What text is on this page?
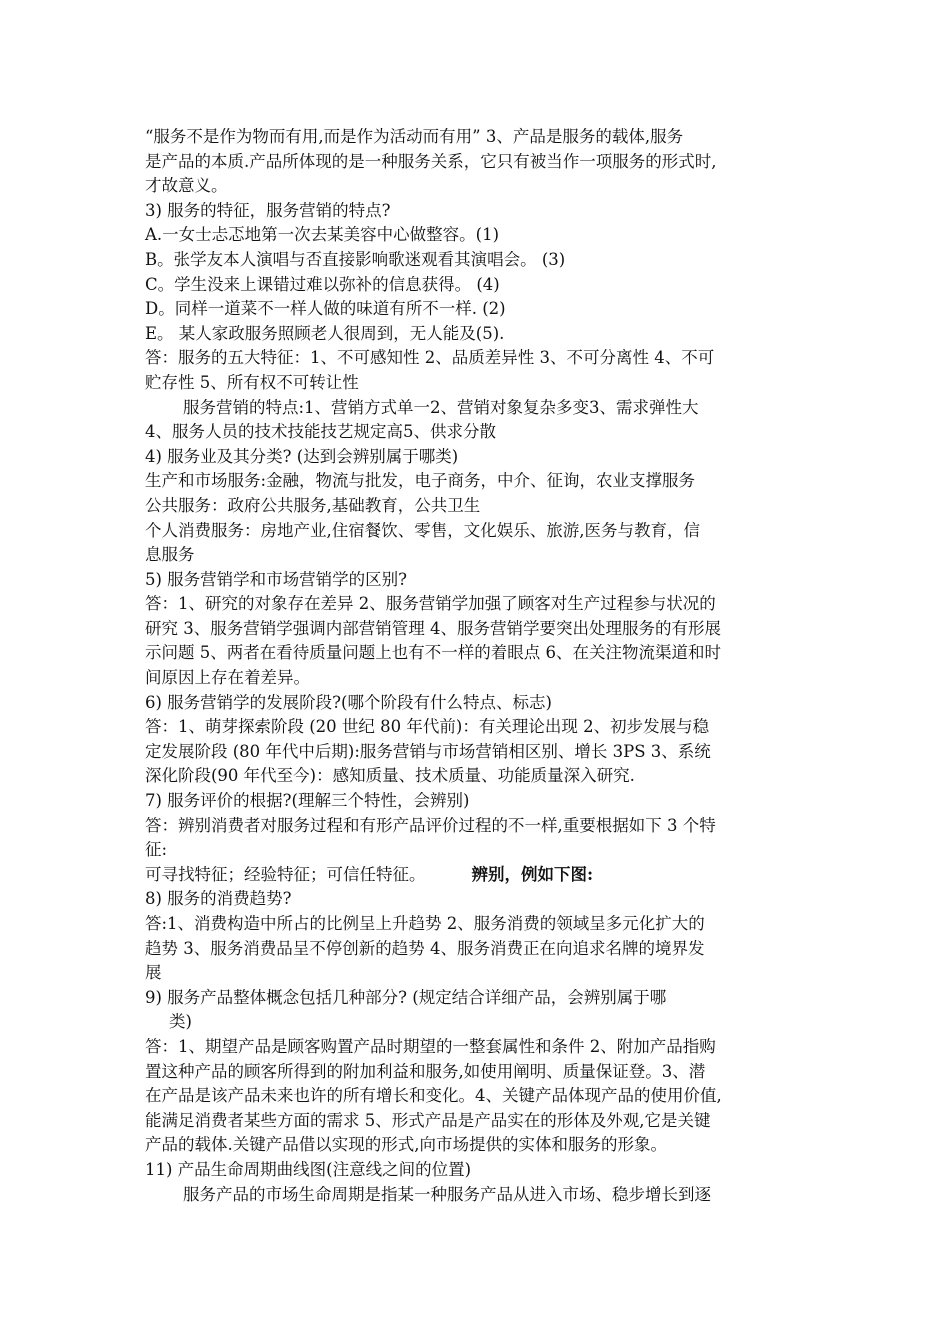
“服务不是作为物而有用,而是作为活动而有用” 3、产品是服务的载体,服务
是产品的本质.产品所体现的是一种服务关系，它只有被当作一项服务的形式时,
才故意义。
3) 服务的特征，服务营销的特点?
A.一女士忐忑地第一次去某美容中心做整容。(1)
B。张学友本人演唱与否直接影响歌迷观看其演唱会。 (3)
C。学生没来上课错过难以弥补的信息获得。 (4)
D。同样一道菜不一样人做的味道有所不一样. (2)
E。 某人家政服务照顾老人很周到，无人能及(5).
答：服务的五大特征：1、不可感知性 2、品质差异性 3、不可分离性 4、不可
贮存性 5、所有权不可转让性
服务营销的特点:1、营销方式单一2、营销对象复杂多变3、需求弹性大
4、服务人员的技术技能技艺规定高5、供求分散
4) 服务业及其分类? (达到会辨别属于哪类)
生产和市场服务:金融，物流与批发，电子商务，中介、征询，农业支撑服务
公共服务：政府公共服务,基础教育，公共卫生
个人消费服务：房地产业,住宿餐饮、零售，文化娱乐、旅游,医务与教育，信
息服务
5) 服务营销学和市场营销学的区别?
答：1、研究的对象存在差异 2、服务营销学加强了顾客对生产过程参与状况的
研究 3、服务营销学强调内部营销管理 4、服务营销学要突出处理服务的有形展
示问题 5、两者在看待质量问题上也有不一样的着眼点 6、在关注物流渠道和时
间原因上存在着差异。
6) 服务营销学的发展阶段?(哪个阶段有什么特点、标志)
答：1、萌芽探索阶段 (20 世纪 80 年代前)：有关理论出现 2、初步发展与稳
定发展阶段 (80 年代中后期):服务营销与市场营销相区别、增长 3PS 3、系统
深化阶段(90 年代至今)：感知质量、技术质量、功能质量深入研究.
7) 服务评价的根据?(理解三个特性，会辨别)
答：辨别消费者对服务过程和有形产品评价过程的不一样,重要根据如下 3 个特
征:
可寻找特征；经验特征；可信任特征。	辨别，例如下图:
8) 服务的消费趋势?
答:1、消费构造中所占的比例呈上升趋势 2、服务消费的领域呈多元化扩大的
趋势 3、服务消费品呈不停创新的趋势 4、服务消费正在向追求名牌的境界发
展
9) 服务产品整体概念包括几种部分? (规定结合详细产品，会辨别属于哪
类)
答：1、期望产品是顾客购置产品时期望的一整套属性和条件 2、附加产品指购
置这种产品的顾客所得到的附加利益和服务,如使用阐明、质量保证登。3、潜
在产品是该产品未来也许的所有增长和变化。4、关键产品体现产品的使用价值,
能满足消费者某些方面的需求 5、形式产品是产品实在的形体及外观,它是关键
产品的载体.关键产品借以实现的形式,向市场提供的实体和服务的形象。
11) 产品生命周期曲线图(注意线之间的位置)
服务产品的市场生命周期是指某一种服务产品从进入市场、稳步增长到逐
